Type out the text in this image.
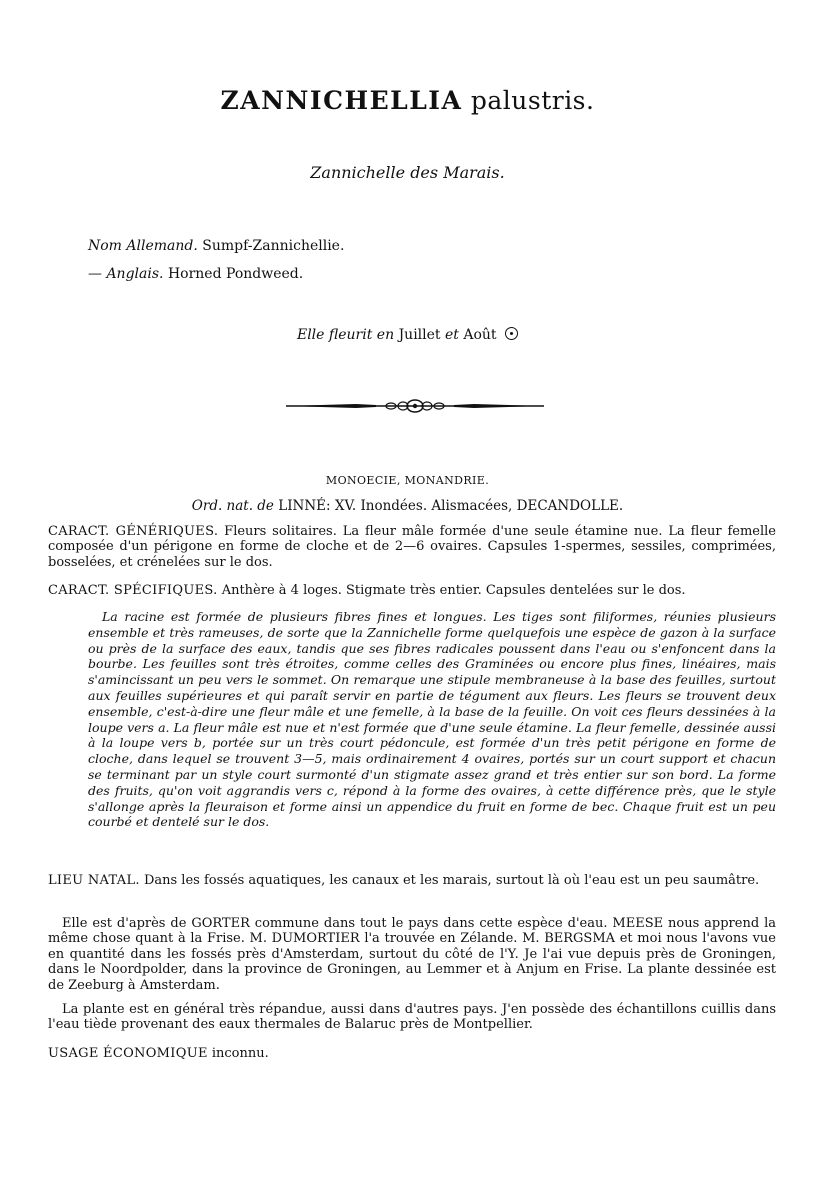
ZANNICHELLIA palustris.
Zannichelle des Marais.
Nom Allemand. Sumpf-Zannichellie.
— Anglais. Horned Pondweed.
Elle fleurit en Juillet et Août
MONOECIE, MONANDRIE.
Ord. nat. de LINNÉ: XV. Inondées. Alismacées, DECANDOLLE.
CARACT. GÉNÉRIQUES. Fleurs solitaires. La fleur mâle formée d'une seule étamine nue. La fleur femelle composée d'un périgone en forme de cloche et de 2—6 ovaires. Capsules 1-spermes, sessiles, comprimées, bosselées, et crénelées sur le dos.
CARACT. SPÉCIFIQUES. Anthère à 4 loges. Stigmate très entier. Capsules dentelées sur le dos.
La racine est formée de plusieurs fibres fines et longues. Les tiges sont filiformes, réunies plusieurs ensemble et très rameuses, de sorte que la Zannichelle forme quelquefois une espèce de gazon à la surface ou près de la surface des eaux, tandis que ses fibres radicales poussent dans l'eau ou s'enfoncent dans la bourbe. Les feuilles sont très étroites, comme celles des Graminées ou encore plus fines, linéaires, mais s'amincissant un peu vers le sommet. On remarque une stipule membraneuse à la base des feuilles, surtout aux feuilles supérieures et qui paraît servir en partie de tégument aux fleurs. Les fleurs se trouvent deux ensemble, c'est-à-dire une fleur mâle et une femelle, à la base de la feuille. On voit ces fleurs dessinées à la loupe vers a. La fleur mâle est nue et n'est formée que d'une seule étamine. La fleur femelle, dessinée aussi à la loupe vers b, portée sur un très court pédoncule, est formée d'un très petit périgone en forme de cloche, dans lequel se trouvent 3—5, mais ordinairement 4 ovaires, portés sur un court support et chacun se terminant par un style court surmonté d'un stigmate assez grand et très entier sur son bord. La forme des fruits, qu'on voit aggrandis vers c, répond à la forme des ovaires, à cette différence près, que le style s'allonge après la fleuraison et forme ainsi un appendice du fruit en forme de bec. Chaque fruit est un peu courbé et dentelé sur le dos.
LIEU NATAL. Dans les fossés aquatiques, les canaux et les marais, surtout là où l'eau est un peu saumâtre.
Elle est d'après de GORTER commune dans tout le pays dans cette espèce d'eau. MEESE nous apprend la même chose quant à la Frise. M. DUMORTIER l'a trouvée en Zélande. M. BERGSMA et moi nous l'avons vue en quantité dans les fossés près d'Amsterdam, surtout du côté de l'Y. Je l'ai vue depuis près de Groningen, dans le Noordpolder, dans la province de Groningen, au Lemmer et à Anjum en Frise. La plante dessinée est de Zeeburg à Amsterdam.
La plante est en général très répandue, aussi dans d'autres pays. J'en possède des échantillons cuillis dans l'eau tiède provenant des eaux thermales de Balaruc près de Montpellier.
USAGE ÉCONOMIQUE inconnu.
